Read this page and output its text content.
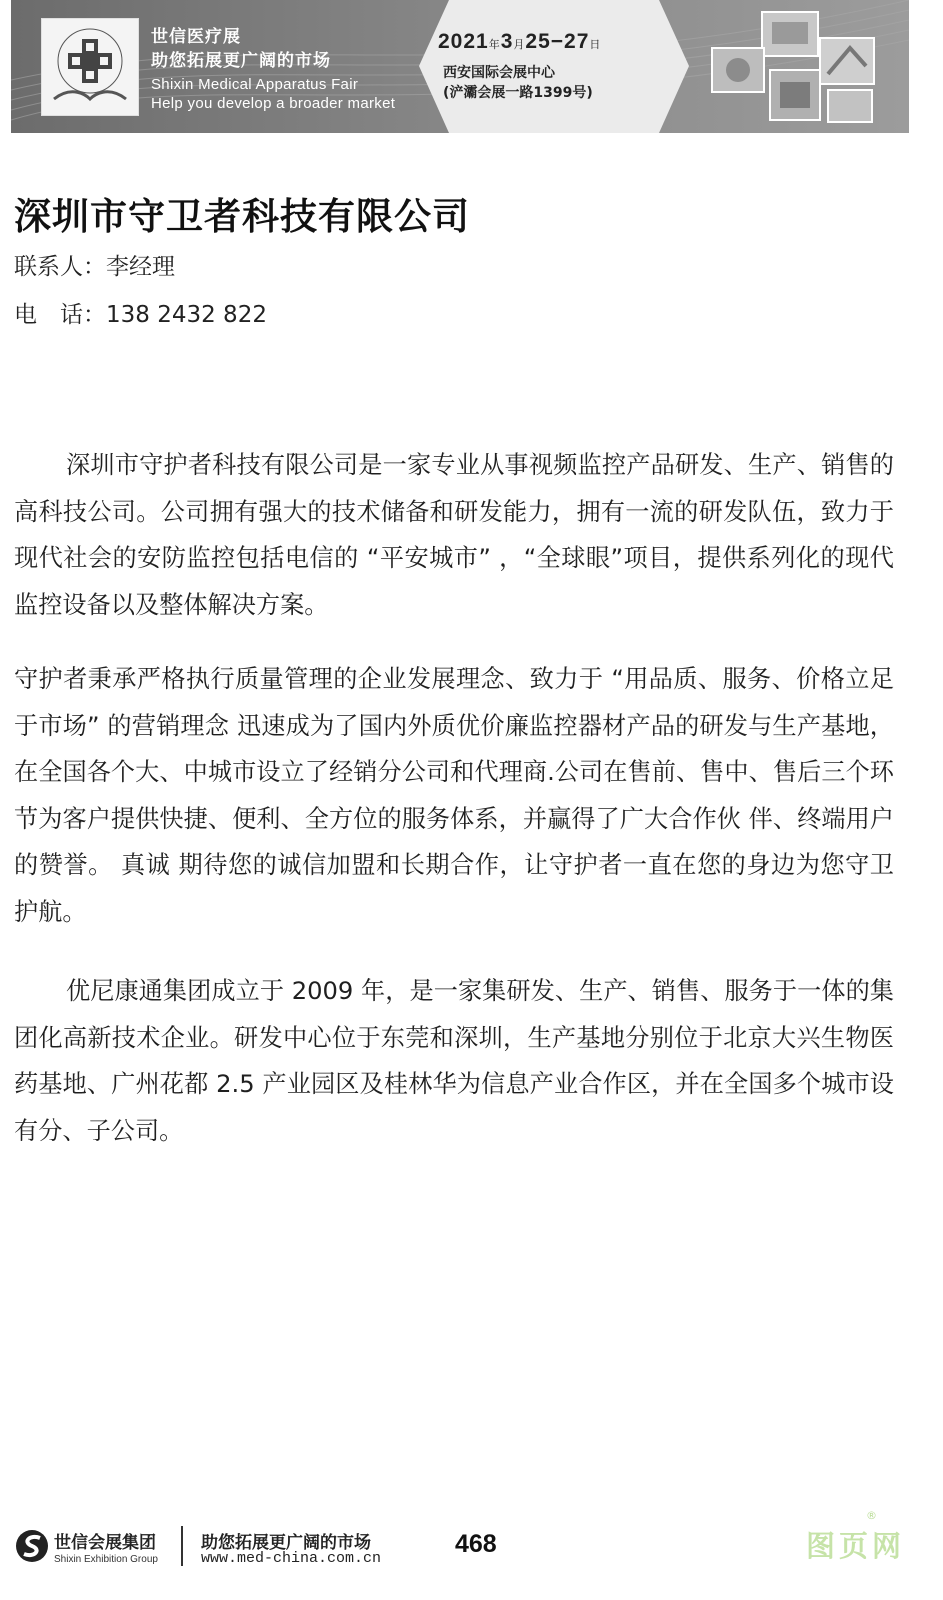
世信医疗展
助您拓展更广阔的市场
Shixin Medical Apparatus Fair
Help you develop a broader market
2021年3月25−27日
西安国际会展中心
(浐灞会展一路1399号)
深圳市守卫者科技有限公司
联系人：李经理
电　话：138 2432 822

深圳市守护者科技有限公司是一家专业从事视频监控产品研发、生产、销售的高科技公司。公司拥有强大的技术储备和研发能力，拥有一流的研发队伍，致力于现代社会的安防监控包括电信的 “平安城市” ，“全球眼”项目，提供系列化的现代监控设备以及整体解决方案。

守护者秉承严格执行质量管理的企业发展理念、致力于 “用品质、服务、价格立足于市场” 的营销理念 迅速成为了国内外质优价廉监控器材产品的研发与生产基地，在全国各个大、中城市设立了经销分公司和代理商.公司在售前、售中、售后三个环节为客户提供快捷、便利、全方位的服务体系，并赢得了广大合作伙 伴、终端用户的赞誉。 真诚 期待您的诚信加盟和长期合作，让守护者一直在您的身边为您守卫护航。

优尼康通集团成立于 2009 年，是一家集研发、生产、销售、服务于一体的集团化高新技术企业。研发中心位于东莞和深圳，生产基地分别位于北京大兴生物医药基地、广州花都 2.5 产业园区及桂林华为信息产业合作区，并在全国多个城市设有分、子公司。

世信会展集团
Shixin Exhibition Group
助您拓展更广阔的市场
www.med-china.com.cn
468	图页网
®
